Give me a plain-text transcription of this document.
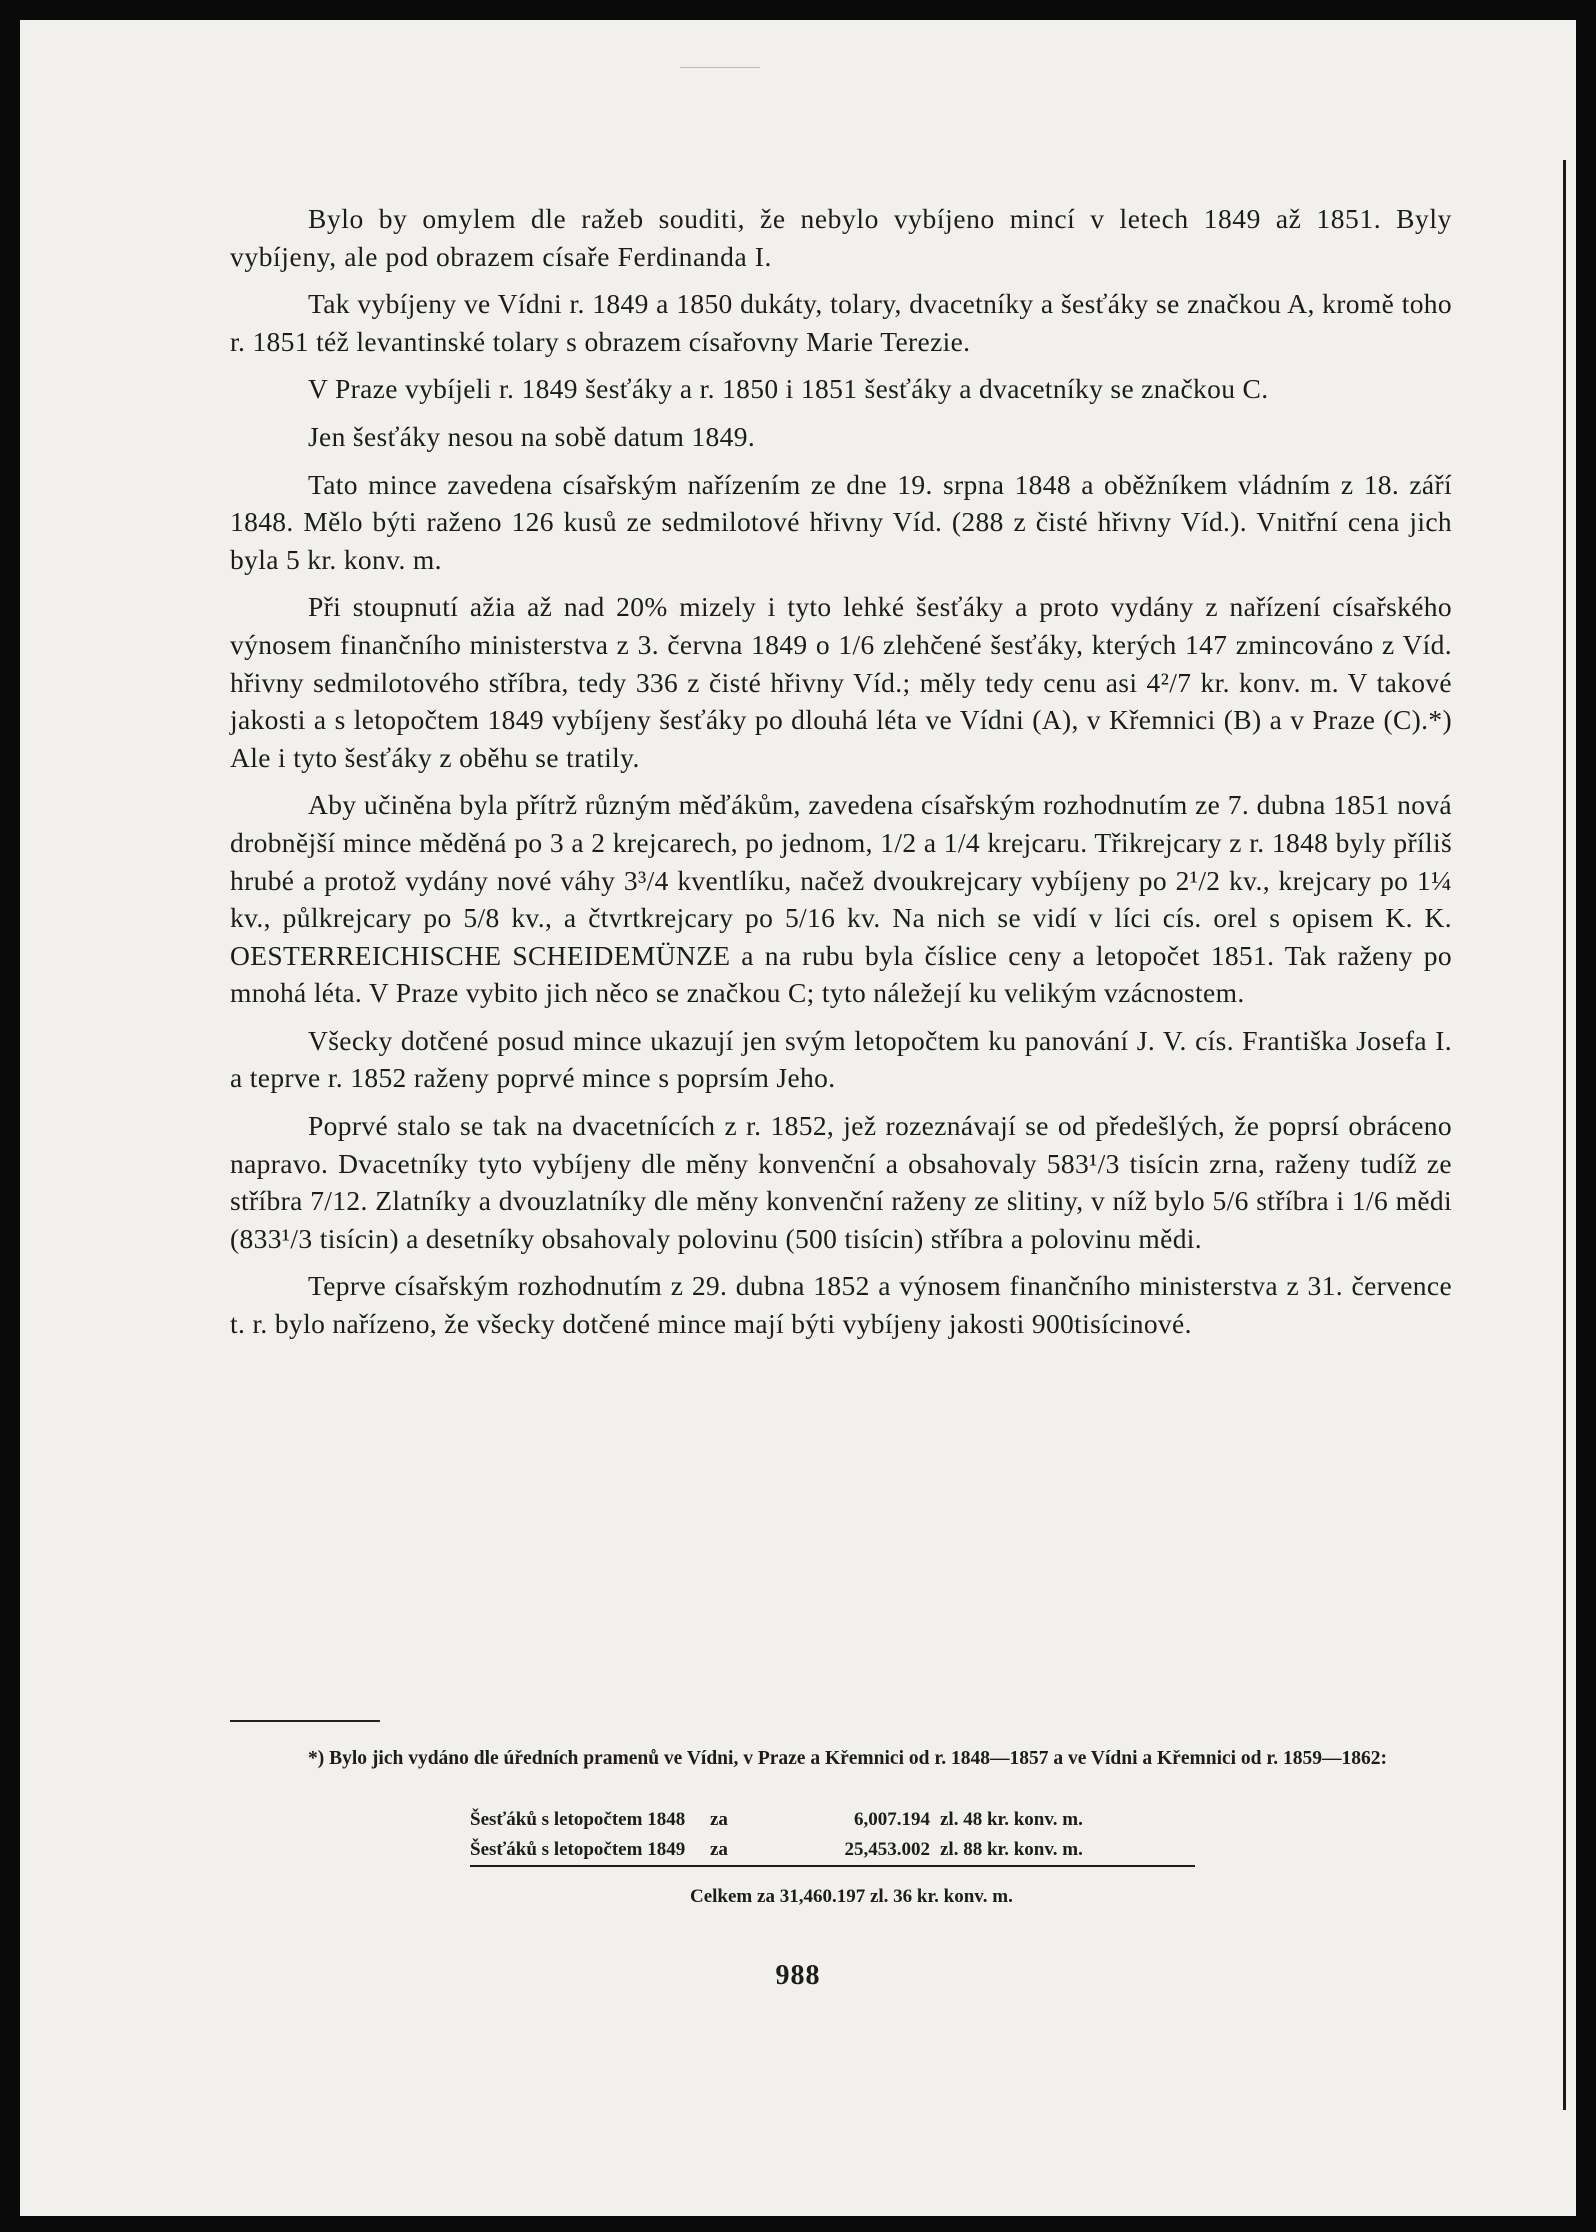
Bylo by omylem dle ražeb souditi, že nebylo vybíjeno mincí v letech 1849 až 1851. Byly vybíjeny, ale pod obrazem císaře Ferdinanda I.

Tak vybíjeny ve Vídni r. 1849 a 1850 dukáty, tolary, dvacetníky a šesťáky se značkou A, kromě toho r. 1851 též levantinské tolary s obrazem císařovny Marie Terezie.

V Praze vybíjeli r. 1849 šesťáky a r. 1850 i 1851 šesťáky a dvacetníky se značkou C.

Jen šesťáky nesou na sobě datum 1849.

Tato mince zavedena císařským nařízením ze dne 19. srpna 1848 a oběžníkem vládním z 18. září 1848. Mělo býti raženo 126 kusů ze sedmilotové hřivny Víd. (288 z čisté hřivny Víd.). Vnitřní cena jich byla 5 kr. konv. m.

Při stoupnutí ažia až nad 20% mizely i tyto lehké šesťáky a proto vydány z nařízení císařského výnosem finančního ministerstva z 3. června 1849 o 1/6 zlehčené šesťáky, kterých 147 zmincováno z Víd. hřivny sedmilotového stříbra, tedy 336 z čisté hřivny Víd.; měly tedy cenu asi 4²/7 kr. konv. m. V takové jakosti a s letopočtem 1849 vybíjeny šesťáky po dlouhá léta ve Vídni (A), v Křemnici (B) a v Praze (C).*) Ale i tyto šesťáky z oběhu se tratily.

Aby učiněna byla přítrž různým měďákům, zavedena císařským rozhodnutím ze 7. dubna 1851 nová drobnější mince měděná po 3 a 2 krejcarech, po jednom, 1/2 a 1/4 krejcaru. Třikrejcary z r. 1848 byly příliš hrubé a protož vydány nové váhy 3³/4 kventlíku, načež dvoukrejcary vybíjeny po 2¹/2 kv., krejcary po 1¼ kv., půlkrejcary po 5/8 kv., a čtvrtkrejcary po 5/16 kv. Na nich se vidí v líci cís. orel s opisem K. K. OESTERREICHISCHE SCHEIDEMÜNZE a na rubu byla číslice ceny a letopočet 1851. Tak raženy po mnohá léta. V Praze vybito jich něco se značkou C; tyto náležejí ku velikým vzácnostem.

Všecky dotčené posud mince ukazují jen svým letopočtem ku panování J. V. cís. Františka Josefa I. a teprve r. 1852 raženy poprvé mince s poprsím Jeho.

Poprvé stalo se tak na dvacetnících z r. 1852, jež rozeznávají se od předešlých, že poprsí obráceno napravo. Dvacetníky tyto vybíjeny dle měny konvenční a obsahovaly 583¹/3 tisícin zrna, raženy tudíž ze stříbra 7/12. Zlatníky a dvouzlatníky dle měny konvenční raženy ze slitiny, v níž bylo 5/6 stříbra i 1/6 mědi (833¹/3 tisícin) a desetníky obsahovaly polovinu (500 tisícin) stříbra a polovinu mědi.

Teprve císařským rozhodnutím z 29. dubna 1852 a výnosem finančního ministerstva z 31. července t. r. bylo nařízeno, že všecky dotčené mince mají býti vybíjeny jakosti 900tisícinové.

*) Bylo jich vydáno dle úředních pramenů ve Vídni, v Praze a Křemnici od r. 1848—1857 a ve Vídni a Křemnici od r. 1859—1862:
Šesťáků s letopočtem 1848	za	6,007.194 zl. 48 kr. konv. m.
Šesťáků s letopočtem 1849	za	25,453.002 zl. 88 kr. konv. m.
Celkem za 31,460.197 zl. 36 kr. konv. m.
988
